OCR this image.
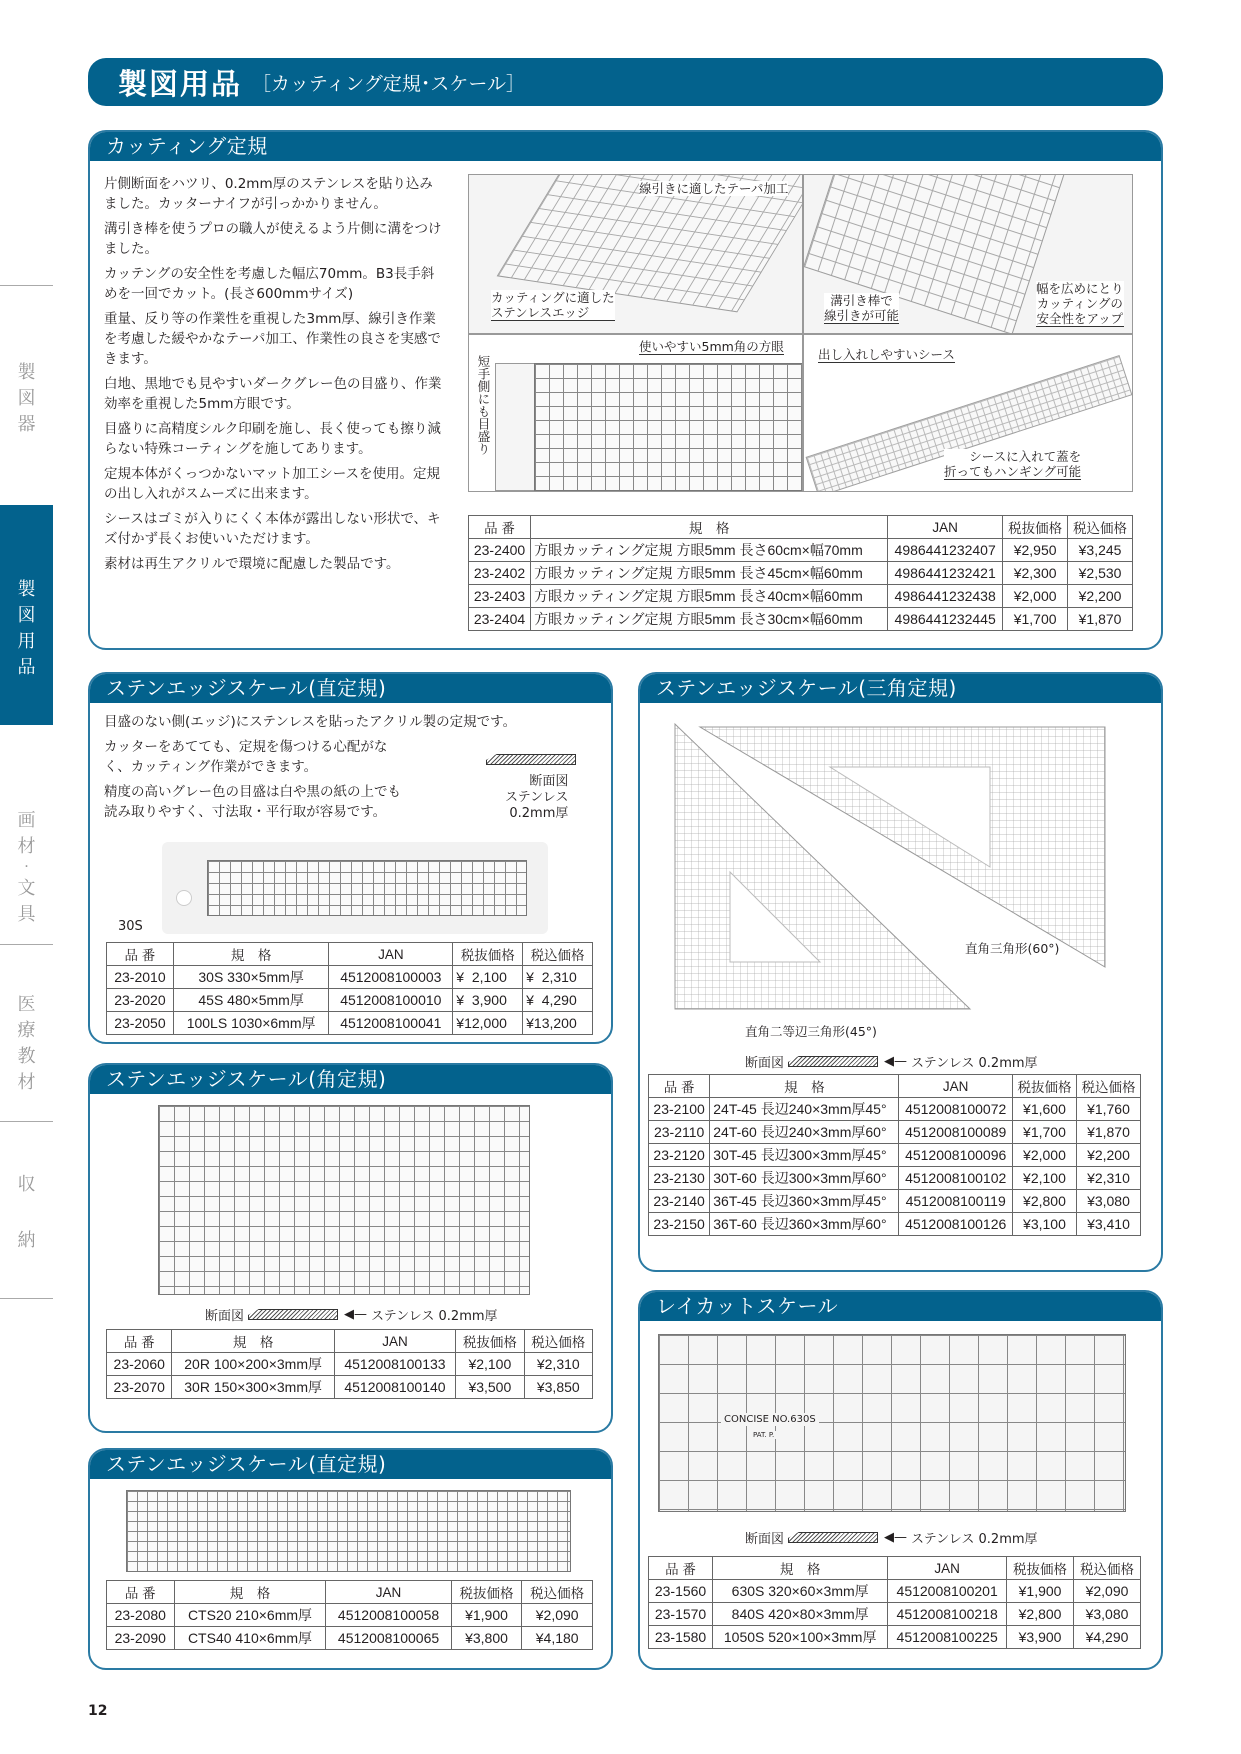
製
図
器
製
図
用
品
画
材
・
文
具
医
療
教
材
収
納
製図用品 ［カッティング定規･スケール］
カッティング定規

片側断面をハツリ、0.2mm厚のステンレスを貼り込みました。カッターナイフが引っかかりません。

溝引き棒を使うプロの職人が使えるよう片側に溝をつけました。

カッテングの安全性を考慮した幅広70mm。B3長手斜めを一回でカット。(長さ600mmサイズ)

重量、反り等の作業性を重視した3mm厚、線引き作業を考慮した緩やかなテーパ加工、作業性の良さを実感できます。

白地、黒地でも見やすいダークグレー色の目盛り、作業効率を重視した5mm方眼です。

目盛りに高精度シルク印刷を施し、長く使っても擦り減らない特殊コーティングを施してあります。

定規本体がくっつかないマット加工シースを使用。定規の出し入れがスムーズに出来ます。

シースはゴミが入りにくく本体が露出しない形状で、キズ付かず長くお使いいただけます。

素材は再生アクリルで環境に配慮した製品です。

線引きに適したテーパ加工
カッティングに適した
ステンレスエッジ
溝引き棒で
線引きが可能
幅を広めにとり
カッティングの
安全性をアップ
短手側にも目盛り
使いやすい5mm角の方眼
出し入れしやすいシース
シースに入れて蓋を
折ってもハンギング可能
品 番	規　格	JAN	税抜価格	税込価格
23-2400	方眼カッティング定規 方眼5mm 長さ60cm×幅70mm	4986441232407	¥2,950	¥3,245
23-2402	方眼カッティング定規 方眼5mm 長さ45cm×幅60mm	4986441232421	¥2,300	¥2,530
23-2403	方眼カッティング定規 方眼5mm 長さ40cm×幅60mm	4986441232438	¥2,000	¥2,200
23-2404	方眼カッティング定規 方眼5mm 長さ30cm×幅60mm	4986441232445	¥1,700	¥1,870
ステンエッジスケール(直定規)

目盛のない側(エッジ)にステンレスを貼ったアクリル製の定規です。

カッターをあてても、定規を傷つける心配がなく、カッティング作業ができます。

精度の高いグレー色の目盛は白や黒の紙の上でも読み取りやすく、寸法取・平行取が容易です。

断面図
ステンレス
0.2mm厚
30S
品 番	規　格	JAN	税抜価格	税込価格
23-2010	30S 330×5mm厚	4512008100003	¥  2,100	¥  2,310
23-2020	45S 480×5mm厚	4512008100010	¥  3,900	¥  4,290
23-2050	100LS 1030×6mm厚	4512008100041	¥12,000	¥13,200
ステンエッジスケール(三角定規)
直角三角形(60°)
直角二等辺三角形(45°)
断面図	◀— ステンレス 0.2mm厚
品 番	規　格	JAN	税抜価格	税込価格
23-2100	24T-45 長辺240×3mm厚45°	4512008100072	¥1,600	¥1,760
23-2110	24T-60 長辺240×3mm厚60°	4512008100089	¥1,700	¥1,870
23-2120	30T-45 長辺300×3mm厚45°	4512008100096	¥2,000	¥2,200
23-2130	30T-60 長辺300×3mm厚60°	4512008100102	¥2,100	¥2,310
23-2140	36T-45 長辺360×3mm厚45°	4512008100119	¥2,800	¥3,080
23-2150	36T-60 長辺360×3mm厚60°	4512008100126	¥3,100	¥3,410
ステンエッジスケール(角定規)
断面図	◀— ステンレス 0.2mm厚
品 番	規　格	JAN	税抜価格	税込価格
23-2060	20R 100×200×3mm厚	4512008100133	¥2,100	¥2,310
23-2070	30R 150×300×3mm厚	4512008100140	¥3,500	¥3,850
ステンエッジスケール(直定規)
品 番	規　格	JAN	税抜価格	税込価格
23-2080	CTS20 210×6mm厚	4512008100058	¥1,900	¥2,090
23-2090	CTS40 410×6mm厚	4512008100065	¥3,800	¥4,180
レイカットスケール
CONCISE NO.630S
PAT. P.
断面図	◀— ステンレス 0.2mm厚
品 番	規　格	JAN	税抜価格	税込価格
23-1560	630S 320×60×3mm厚	4512008100201	¥1,900	¥2,090
23-1570	840S 420×80×3mm厚	4512008100218	¥2,800	¥3,080
23-1580	1050S 520×100×3mm厚	4512008100225	¥3,900	¥4,290
12
